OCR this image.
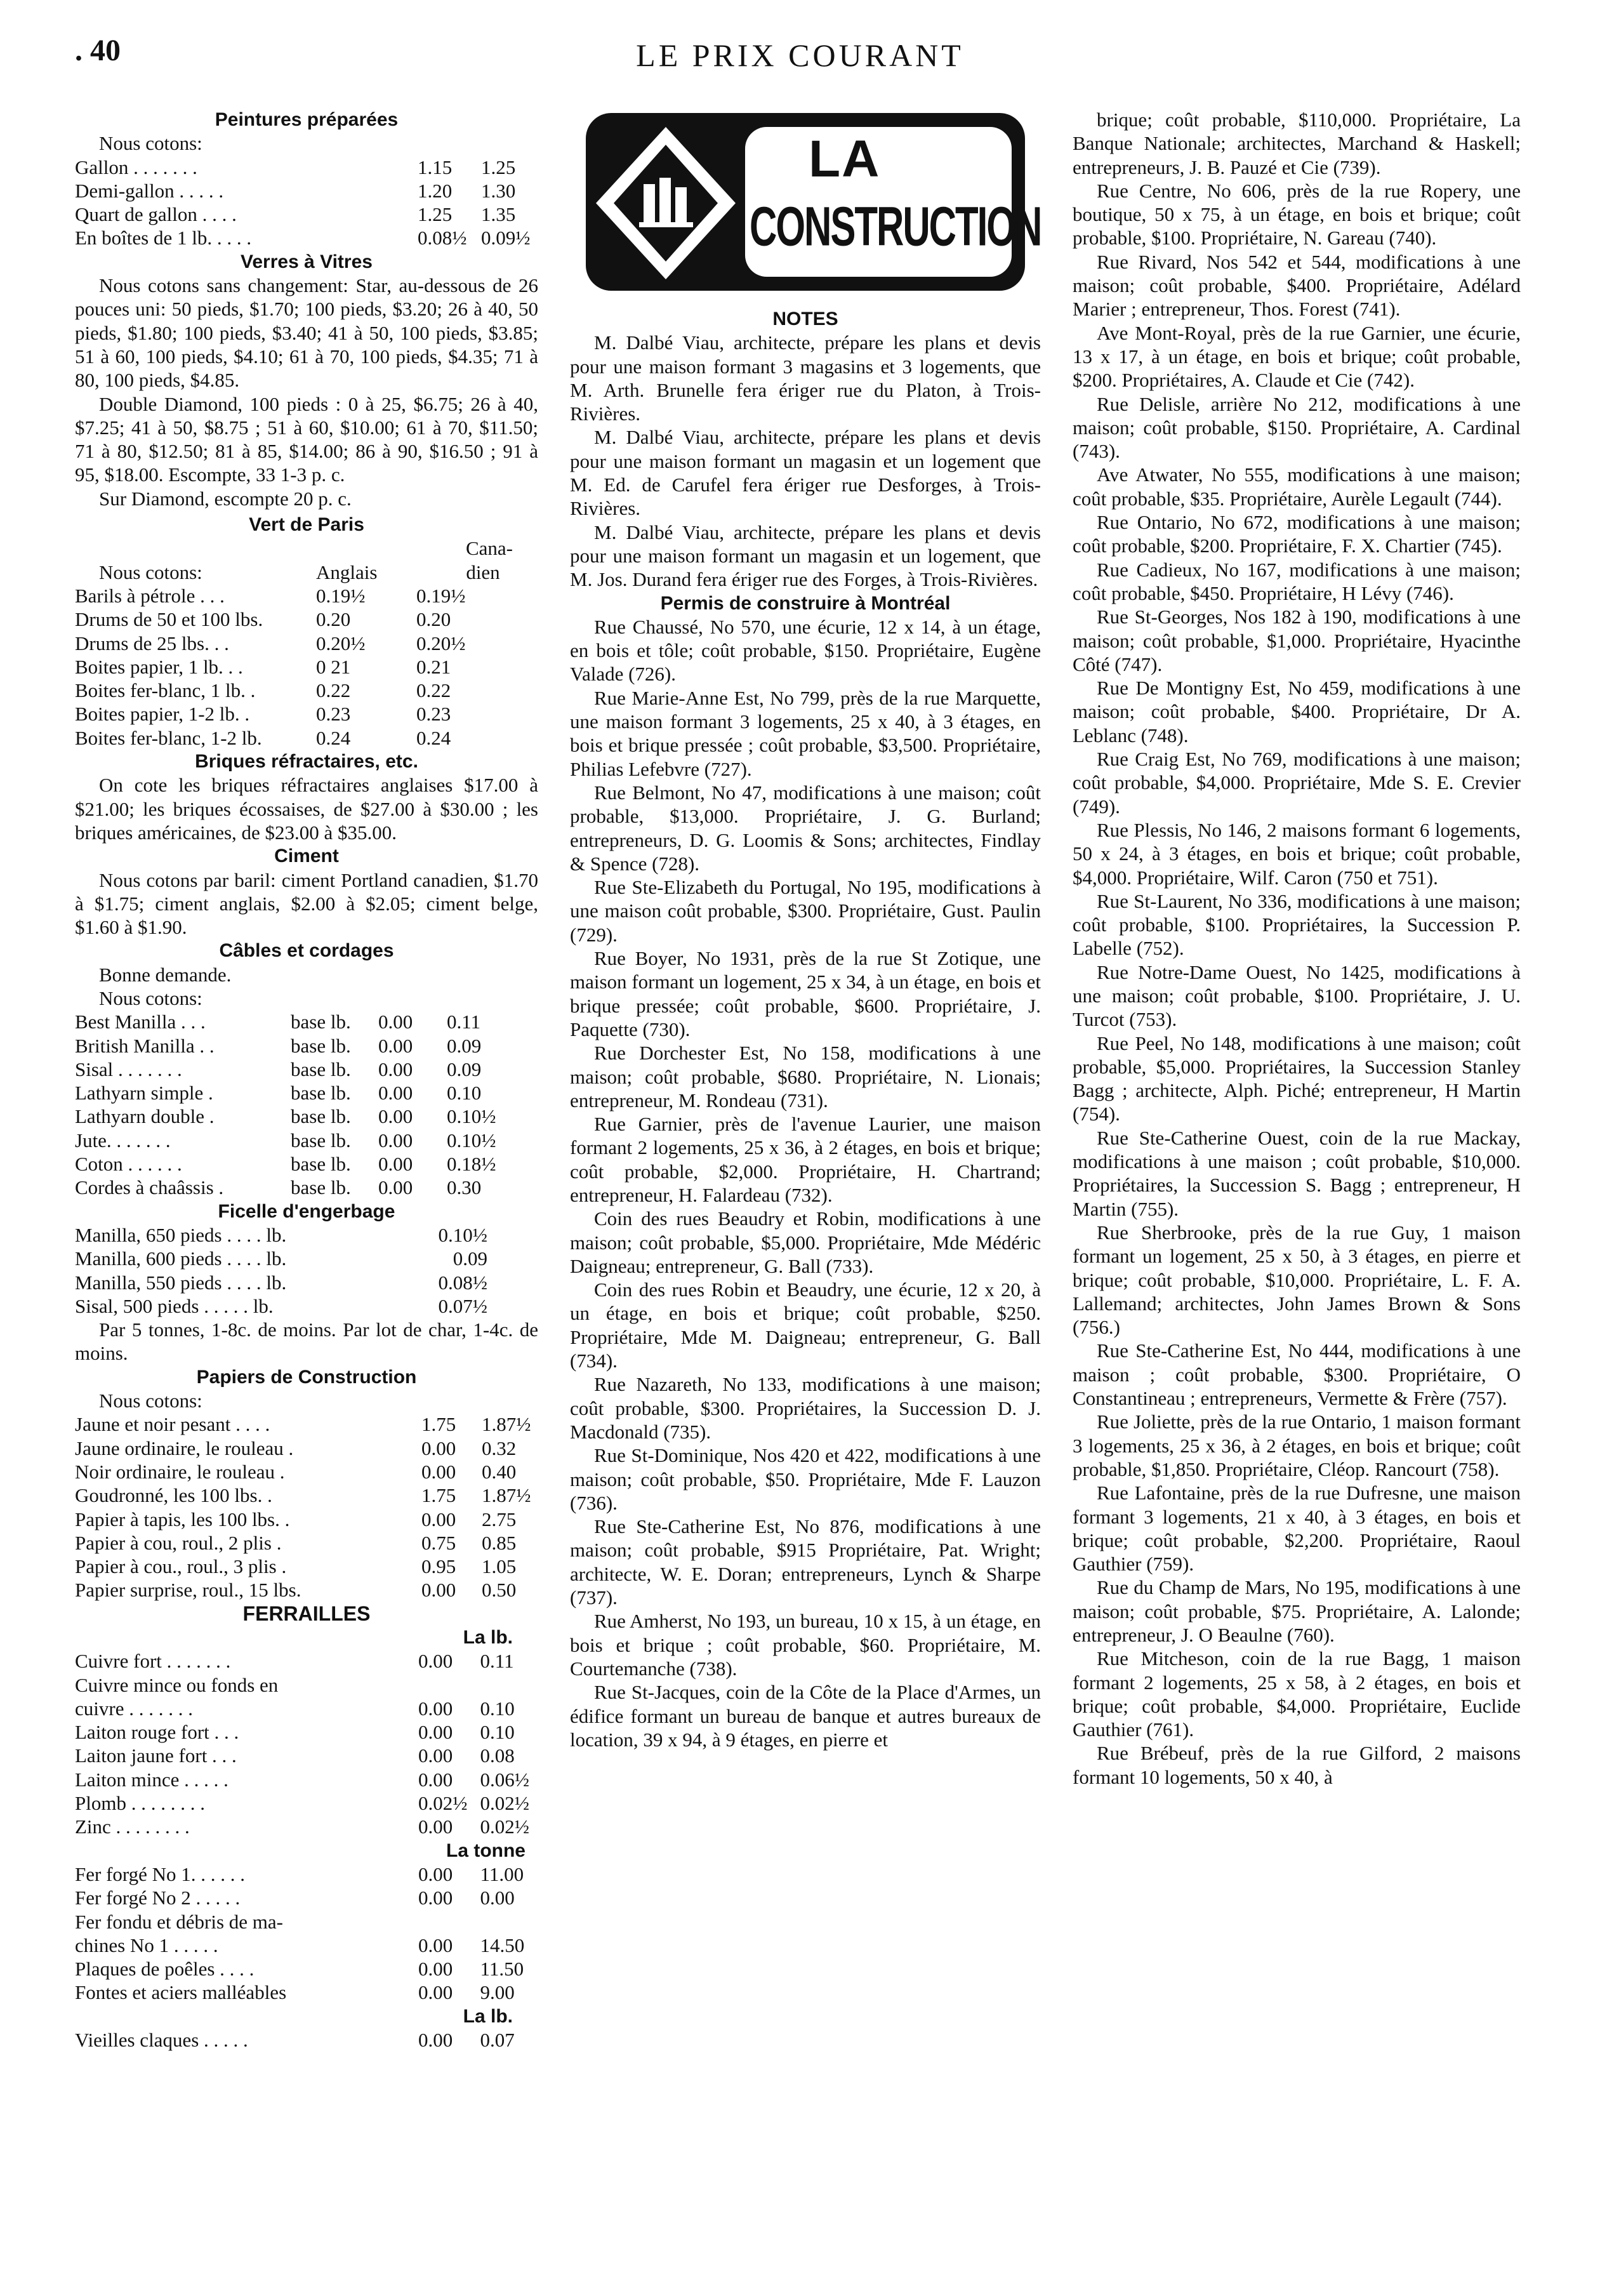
. 40	LE PRIX COURANT
Peintures préparées
Nous cotons:
Gallon . . . . . . .	1.15	1.25
Demi-gallon . . . . .	1.20	1.30
Quart de gallon . . . .	1.25	1.35
En boîtes de 1 lb. . . . .	0.08½ 0.09½
Verres à Vitres
Nous cotons sans changement: Star, au-dessous de 26 pouces uni: 50 pieds, $1.70; 100 pieds, $3.20; 26 à 40, 50 pieds, $1.80; 100 pieds, $3.40; 41 à 50, 100 pieds, $3.85; 51 à 60, 100 pieds, $4.10; 61 à 70, 100 pieds, $4.35; 71 à 80, 100 pieds, $4.85.
Double Diamond, 100 pieds : 0 à 25, $6.75; 26 à 40, $7.25; 41 à 50, $8.75 ; 51 à 60, $10.00; 61 à 70, $11.50; 71 à 80, $12.50; 81 à 85, $14.00; 86 à 90, $16.50 ; 91 à 95, $18.00. Escompte, 33 1-3 p. c.
Sur Diamond, escompte 20 p. c.
Vert de Paris
Cana-
Nous cotons:	Anglais	dien
Barils à pétrole . . .	0.19½	0.19½
Drums de 50 et 100 lbs.	0.20	0.20
Drums de 25 lbs. . .	0.20½	0.20½
Boites papier, 1 lb. . .	0 21	0.21
Boites fer-blanc, 1 lb. .	0.22	0.22
Boites papier, 1-2 lb. .	0.23	0.23
Boites fer-blanc, 1-2 lb.	0.24	0.24
Briques réfractaires, etc.
On cote les briques réfractaires anglaises $17.00 à $21.00; les briques écossaises, de $27.00 à $30.00 ; les briques américaines, de $23.00 à $35.00.
Ciment
Nous cotons par baril: ciment Portland canadien, $1.70 à $1.75; ciment anglais, $2.00 à $2.05; ciment belge, $1.60 à $1.90.
Câbles et cordages
Bonne demande.
Nous cotons:
Best Manilla . . .	base lb.	0.00	0.11
British Manilla . .	base lb.	0.00	0.09
Sisal . . . . . . .	base lb.	0.00	0.09
Lathyarn simple .	base lb.	0.00	0.10
Lathyarn double .	base lb.	0.00	0.10½
Jute. . . . . . .	base lb.	0.00	0.10½
Coton . . . . . .	base lb.	0.00	0.18½
Cordes à chaâssis .	base lb.	0.00	0.30
Ficelle d'engerbage
Manilla, 650 pieds . . . . lb.	0.10½
Manilla, 600 pieds . . . . lb.	0.09
Manilla, 550 pieds . . . . lb.	0.08½
Sisal, 500 pieds . . . . . lb.	0.07½
Par 5 tonnes, 1-8c. de moins. Par lot de char, 1-4c. de moins.
Papiers de Construction
Nous cotons:
Jaune et noir pesant . . . .	1.75	1.87½
Jaune ordinaire, le rouleau .	0.00	0.32
Noir ordinaire, le rouleau .	0.00	0.40
Goudronné, les 100 lbs. .	1.75	1.87½
Papier à tapis, les 100 lbs. .	0.00	2.75
Papier à cou, roul., 2 plis .	0.75	0.85
Papier à cou., roul., 3 plis .	0.95	1.05
Papier surprise, roul., 15 lbs.	0.00	0.50
FERRAILLES
La lb.
Cuivre fort . . . . . . .	0.00	0.11
Cuivre mince ou fonds en
cuivre . . . . . . .	0.00	0.10
Laiton rouge fort . . .	0.00	0.10
Laiton jaune fort . . .	0.00	0.08
Laiton mince . . . . .	0.00	0.06½
Plomb . . . . . . . .	0.02½ 0.02½
Zinc . . . . . . . .	0.00	0.02½
La tonne
Fer forgé No 1. . . . . .	0.00	11.00
Fer forgé No 2 . . . . .	0.00	0.00
Fer fondu et débris de ma-
chines No 1 . . . . .	0.00	14.50
Plaques de poêles . . . .	0.00	11.50
Fontes et aciers malléables	0.00	9.00
La lb.
Vieilles claques . . . . .	0.00	0.07
LA
CONSTRUCTION
NOTES
M. Dalbé Viau, architecte, prépare les plans et devis pour une maison formant 3 magasins et 3 logements, que M. Arth. Brunelle fera ériger rue du Platon, à Trois-Rivières.
M. Dalbé Viau, architecte, prépare les plans et devis pour une maison formant un magasin et un logement que M. Ed. de Carufel fera ériger rue Desforges, à Trois-Rivières.
M. Dalbé Viau, architecte, prépare les plans et devis pour une maison formant un magasin et un logement, que M. Jos. Durand fera ériger rue des Forges, à Trois-Rivières.
Permis de construire à Montréal
Rue Chaussé, No 570, une écurie, 12 x 14, à un étage, en bois et tôle; coût probable, $150. Propriétaire, Eugène Valade (726).
Rue Marie-Anne Est, No 799, près de la rue Marquette, une maison formant 3 logements, 25 x 40, à 3 étages, en bois et brique pressée ; coût probable, $3,500. Propriétaire, Philias Lefebvre (727).
Rue Belmont, No 47, modifications à une maison; coût probable, $13,000. Propriétaire, J. G. Burland; entrepreneurs, D. G. Loomis & Sons; architectes, Findlay & Spence (728).
Rue Ste-Elizabeth du Portugal, No 195, modifications à une maison coût probable, $300. Propriétaire, Gust. Paulin (729).
Rue Boyer, No 1931, près de la rue St Zotique, une maison formant un logement, 25 x 34, à un étage, en bois et brique pressée; coût probable, $600. Propriétaire, J. Paquette (730).
Rue Dorchester Est, No 158, modifications à une maison; coût probable, $680. Propriétaire, N. Lionais; entrepreneur, M. Rondeau (731).
Rue Garnier, près de l'avenue Laurier, une maison formant 2 logements, 25 x 36, à 2 étages, en bois et brique; coût probable, $2,000. Propriétaire, H. Chartrand; entrepreneur, H. Falardeau (732).
Coin des rues Beaudry et Robin, modifications à une maison; coût probable, $5,000. Propriétaire, Mde Médéric Daigneau; entrepreneur, G. Ball (733).
Coin des rues Robin et Beaudry, une écurie, 12 x 20, à un étage, en bois et brique; coût probable, $250. Propriétaire, Mde M. Daigneau; entrepreneur, G. Ball (734).
Rue Nazareth, No 133, modifications à une maison; coût probable, $300. Propriétaires, la Succession D. J. Macdonald (735).
Rue St-Dominique, Nos 420 et 422, modifications à une maison; coût probable, $50. Propriétaire, Mde F. Lauzon (736).
Rue Ste-Catherine Est, No 876, modifications à une maison; coût probable, $915 Propriétaire, Pat. Wright; architecte, W. E. Doran; entrepreneurs, Lynch & Sharpe (737).
Rue Amherst, No 193, un bureau, 10 x 15, à un étage, en bois et brique ; coût probable, $60. Propriétaire, M. Courtemanche (738).
Rue St-Jacques, coin de la Côte de la Place d'Armes, un édifice formant un bureau de banque et autres bureaux de location, 39 x 94, à 9 étages, en pierre et
brique; coût probable, $110,000. Propriétaire, La Banque Nationale; architectes, Marchand & Haskell; entrepreneurs, J. B. Pauzé et Cie (739).
Rue Centre, No 606, près de la rue Ropery, une boutique, 50 x 75, à un étage, en bois et brique; coût probable, $100. Propriétaire, N. Gareau (740).
Rue Rivard, Nos 542 et 544, modifications à une maison; coût probable, $400. Propriétaire, Adélard Marier ; entrepreneur, Thos. Forest (741).
Ave Mont-Royal, près de la rue Garnier, une écurie, 13 x 17, à un étage, en bois et brique; coût probable, $200. Propriétaires, A. Claude et Cie (742).
Rue Delisle, arrière No 212, modifications à une maison; coût probable, $150. Propriétaire, A. Cardinal (743).
Ave Atwater, No 555, modifications à une maison; coût probable, $35. Propriétaire, Aurèle Legault (744).
Rue Ontario, No 672, modifications à une maison; coût probable, $200. Propriétaire, F. X. Chartier (745).
Rue Cadieux, No 167, modifications à une maison; coût probable, $450. Propriétaire, H Lévy (746).
Rue St-Georges, Nos 182 à 190, modifications à une maison; coût probable, $1,000. Propriétaire, Hyacinthe Côté (747).
Rue De Montigny Est, No 459, modifications à une maison; coût probable, $400. Propriétaire, Dr A. Leblanc (748).
Rue Craig Est, No 769, modifications à une maison; coût probable, $4,000. Propriétaire, Mde S. E. Crevier (749).
Rue Plessis, No 146, 2 maisons formant 6 logements, 50 x 24, à 3 étages, en bois et brique; coût probable, $4,000. Propriétaire, Wilf. Caron (750 et 751).
Rue St-Laurent, No 336, modifications à une maison; coût probable, $100. Propriétaires, la Succession P. Labelle (752).
Rue Notre-Dame Ouest, No 1425, modifications à une maison; coût probable, $100. Propriétaire, J. U. Turcot (753).
Rue Peel, No 148, modifications à une maison; coût probable, $5,000. Propriétaires, la Succession Stanley Bagg ; architecte, Alph. Piché; entrepreneur, H Martin (754).
Rue Ste-Catherine Ouest, coin de la rue Mackay, modifications à une maison ; coût probable, $10,000. Propriétaires, la Succession S. Bagg ; entrepreneur, H Martin (755).
Rue Sherbrooke, près de la rue Guy, 1 maison formant un logement, 25 x 50, à 3 étages, en pierre et brique; coût probable, $10,000. Propriétaire, L. F. A. Lallemand; architectes, John James Brown & Sons (756.)
Rue Ste-Catherine Est, No 444, modifications à une maison ; coût probable, $300. Propriétaire, O Constantineau ; entrepreneurs, Vermette & Frère (757).
Rue Joliette, près de la rue Ontario, 1 maison formant 3 logements, 25 x 36, à 2 étages, en bois et brique; coût probable, $1,850. Propriétaire, Cléop. Rancourt (758).
Rue Lafontaine, près de la rue Dufresne, une maison formant 3 logements, 21 x 40, à 3 étages, en bois et brique; coût probable, $2,200. Propriétaire, Raoul Gauthier (759).
Rue du Champ de Mars, No 195, modifications à une maison; coût probable, $75. Propriétaire, A. Lalonde; entrepreneur, J. O Beaulne (760).
Rue Mitcheson, coin de la rue Bagg, 1 maison formant 2 logements, 25 x 58, à 2 étages, en bois et brique; coût probable, $4,000. Propriétaire, Euclide Gauthier (761).
Rue Brébeuf, près de la rue Gilford, 2 maisons formant 10 logements, 50 x 40, à
